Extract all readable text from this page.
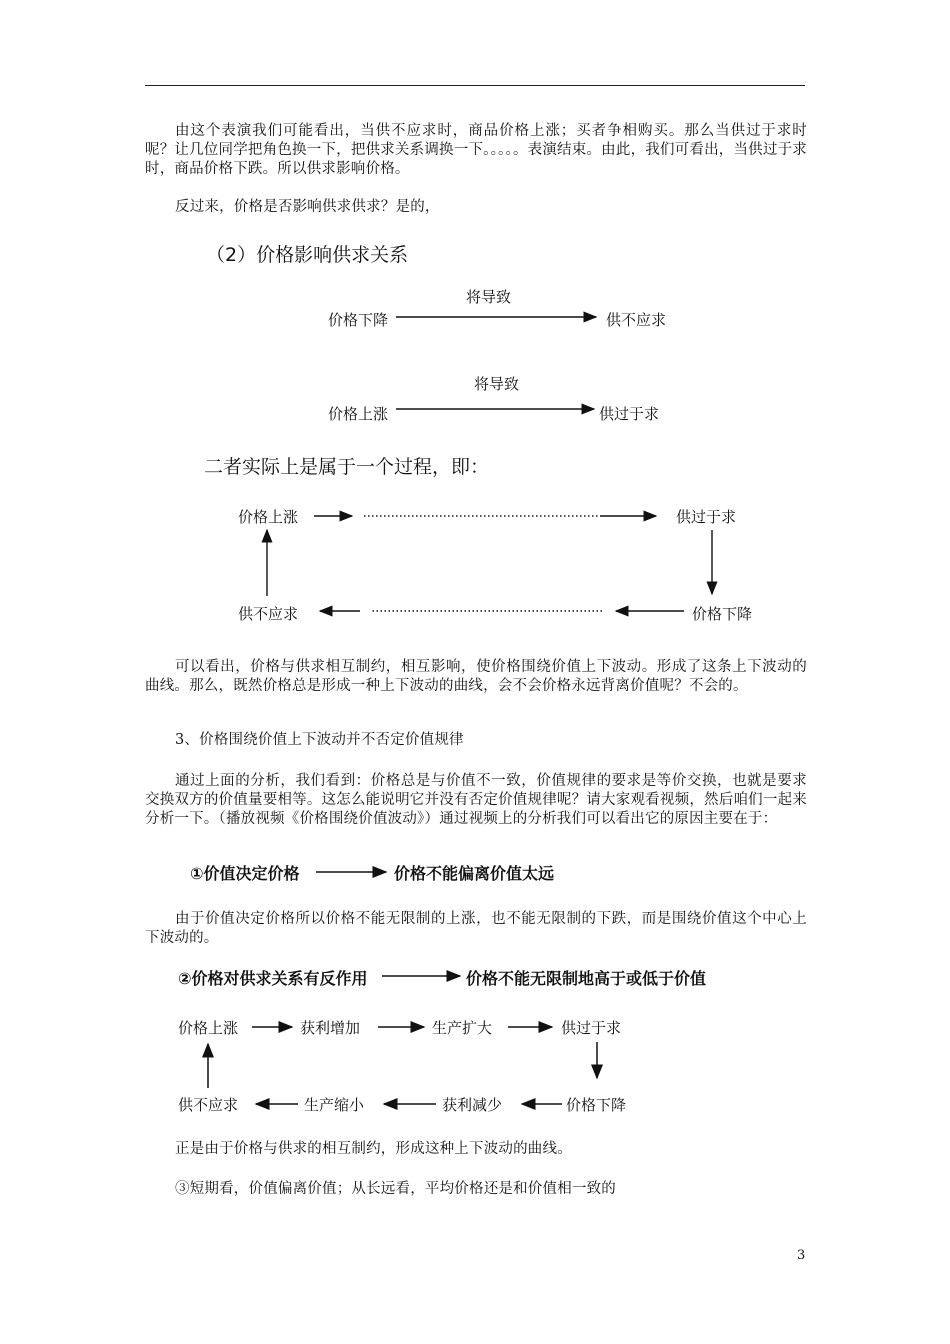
由这个表演我们可能看出，当供不应求时，商品价格上涨；买者争相购买。那么当供过于求时呢？让几位同学把角色换一下，把供求关系调换一下。。。。。表演结束。由此，我们可看出，当供过于求时，商品价格下跌。所以供求影响价格。
反过来，价格是否影响供求供求？是的，
（2）价格影响供求关系
将导致
价格下降	供不应求
将导致
价格上涨	供过于求
二者实际上是属于一个过程，即：
价格上涨	供过于求
供不应求	价格下降
可以看出，价格与供求相互制约，相互影响，使价格围绕价值上下波动。形成了这条上下波动的曲线。那么，既然价格总是形成一种上下波动的曲线，会不会价格永远背离价值呢？不会的。
3、价格围绕价值上下波动并不否定价值规律
通过上面的分析，我们看到：价格总是与价值不一致，价值规律的要求是等价交换，也就是要求交换双方的价值量要相等。这怎么能说明它并没有否定价值规律呢？请大家观看视频，然后咱们一起来分析一下。（播放视频《价格围绕价值波动》）通过视频上的分析我们可以看出它的原因主要在于：
①价值决定价格	价格不能偏离价值太远
由于价值决定价格所以价格不能无限制的上涨，也不能无限制的下跌，而是围绕价值这个中心上下波动的。
②价格对供求关系有反作用	价格不能无限制地高于或低于价值
价格上涨	获利增加	生产扩大	供过于求
供不应求	生产缩小	获利减少	价格下降
正是由于价格与供求的相互制约，形成这种上下波动的曲线。
③短期看，价值偏离价值；从长远看，平均价格还是和价值相一致的
3
